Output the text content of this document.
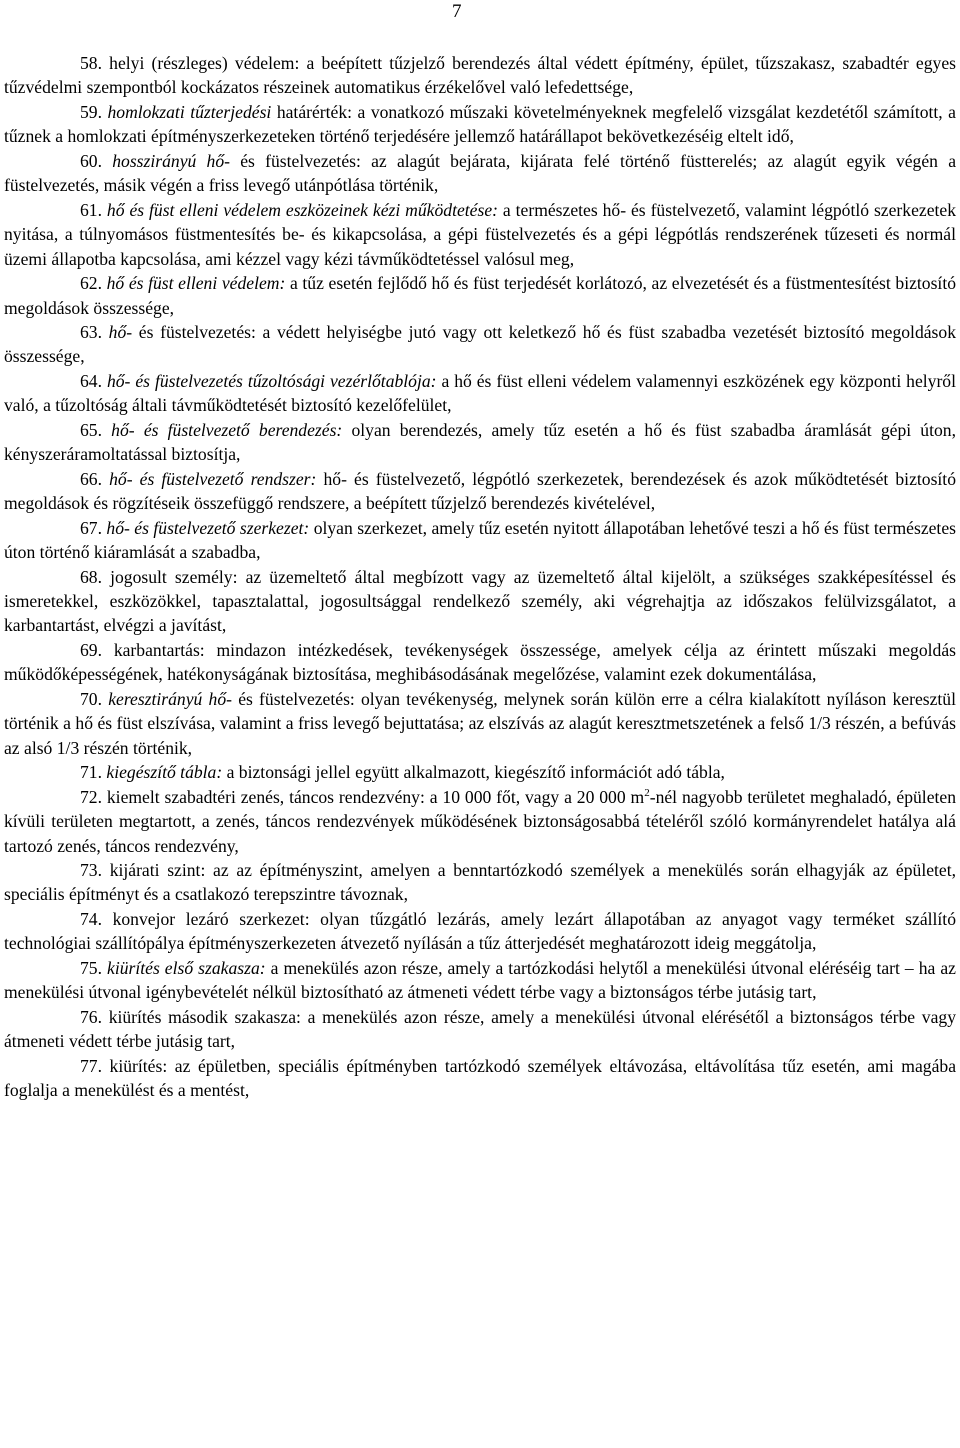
7

58. helyi (részleges) védelem: a beépített tűzjelző berendezés által védett építmény, épület, tűzszakasz, szabadtér egyes tűzvédelmi szempontból kockázatos részeinek automatikus érzékelővel való lefedettsége,

59. homlokzati tűzterjedési határérték: a vonatkozó műszaki követelményeknek megfelelő vizsgálat kezdetétől számított, a tűznek a homlokzati építményszerkezeteken történő terjedésére jellemző határállapot bekövetkezéséig eltelt idő,

60. hosszirányú hő- és füstelvezetés: az alagút bejárata, kijárata felé történő füstterelés; az alagút egyik végén a füstelvezetés, másik végén a friss levegő utánpótlása történik,

61. hő és füst elleni védelem eszközeinek kézi működtetése: a természetes hő- és füstelvezető, valamint légpótló szerkezetek nyitása, a túlnyomásos füstmentesítés be- és kikapcsolása, a gépi füstelvezetés és a gépi légpótlás rendszerének tűzeseti és normál üzemi állapotba kapcsolása, ami kézzel vagy kézi távműködtetéssel valósul meg,

62. hő és füst elleni védelem: a tűz esetén fejlődő hő és füst terjedését korlátozó, az elvezetését és a füstmentesítést biztosító megoldások összessége,

63. hő- és füstelvezetés: a védett helyiségbe jutó vagy ott keletkező hő és füst szabadba vezetését biztosító megoldások összessége,

64. hő- és füstelvezetés tűzoltósági vezérlőtablója: a hő és füst elleni védelem valamennyi eszközének egy központi helyről való, a tűzoltóság általi távműködtetését biztosító kezelőfelület,

65. hő- és füstelvezető berendezés: olyan berendezés, amely tűz esetén a hő és füst szabadba áramlását gépi úton, kényszeráramoltatással biztosítja,

66. hő- és füstelvezető rendszer: hő- és füstelvezető, légpótló szerkezetek, berendezések és azok működtetését biztosító megoldások és rögzítéseik összefüggő rendszere, a beépített tűzjelző berendezés kivételével,

67. hő- és füstelvezető szerkezet: olyan szerkezet, amely tűz esetén nyitott állapotában lehetővé teszi a hő és füst természetes úton történő kiáramlását a szabadba,

68. jogosult személy: az üzemeltető által megbízott vagy az üzemeltető által kijelölt, a szükséges szakképesítéssel és ismeretekkel, eszközökkel, tapasztalattal, jogosultsággal rendelkező személy, aki végrehajtja az időszakos felülvizsgálatot, a karbantartást, elvégzi a javítást,

69. karbantartás: mindazon intézkedések, tevékenységek összessége, amelyek célja az érintett műszaki megoldás működőképességének, hatékonyságának biztosítása, meghibásodásának megelőzése, valamint ezek dokumentálása,

70. keresztirányú hő- és füstelvezetés: olyan tevékenység, melynek során külön erre a célra kialakított nyíláson keresztül történik a hő és füst elszívása, valamint a friss levegő bejuttatása; az elszívás az alagút keresztmetszetének a felső 1/3 részén, a befúvás az alsó 1/3 részén történik,

71. kiegészítő tábla: a biztonsági jellel együtt alkalmazott, kiegészítő információt adó tábla,

72. kiemelt szabadtéri zenés, táncos rendezvény: a 10 000 főt, vagy a 20 000 $m^2$-nél nagyobb területet meghaladó, épületen kívüli területen megtartott, a zenés, táncos rendezvények működésének biztonságosabbá tételéről szóló kormányrendelet hatálya alá tartozó zenés, táncos rendezvény,

73. kijárati szint: az az építményszint, amelyen a benntartózkodó személyek a menekülés során elhagyják az épületet, speciális építményt és a csatlakozó terepszintre távoznak,

74. konvejor lezáró szerkezet: olyan tűzgátló lezárás, amely lezárt állapotában az anyagot vagy terméket szállító technológiai szállítópálya építményszerkezeten átvezető nyílásán a tűz átterjedését meghatározott ideig meggátolja,

75. kiürítés első szakasza: a menekülés azon része, amely a tartózkodási helytől a menekülési útvonal eléréséig tart – ha az menekülési útvonal igénybevételét nélkül biztosítható az átmeneti védett térbe vagy a biztonságos térbe jutásig tart,

76. kiürítés második szakasza: a menekülés azon része, amely a menekülési útvonal elérésétől a biztonságos térbe vagy átmeneti védett térbe jutásig tart,

77. kiürítés: az épületben, speciális építményben tartózkodó személyek eltávozása, eltávolítása tűz esetén, ami magába foglalja a menekülést és a mentést,
